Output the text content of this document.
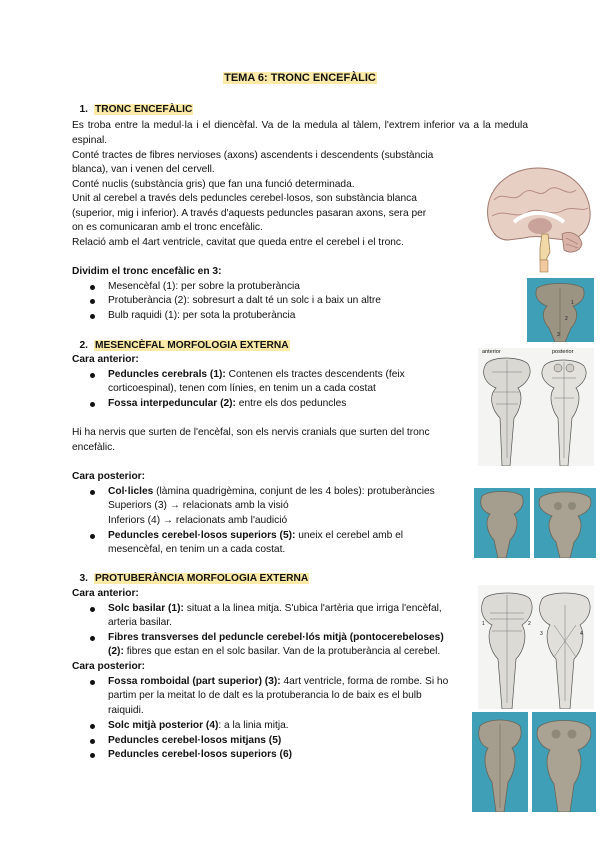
TEMA 6: TRONC ENCEFÀLIC
1. TRONC ENCEFÀLIC
Es troba entre la medul·la i el diencèfal. Va de la medula al tàlem, l'extrem inferior va a la medula espinal.
Conté tractes de fibres nervioses (axons) ascendents i descendents (substància
blanca), van i venen del cervell.
Conté nuclis (substància gris) que fan una funció determinada.
Unit al cerebel a través dels peduncles cerebel·losos, son substància blanca
(superior, mig i inferior). A través d'aquests peduncles pasaran axons, sera per
on es comunicaran amb el tronc encefàlic.
Relació amb el 4art ventricle, cavitat que queda entre el cerebel i el tronc.
Dividim el tronc encefàlic en 3:
Mesencèfal (1): per sobre la protuberància
Protuberància (2): sobresurt a dalt té un solc i a baix un altre
Bulb raquidi (1): per sota la protuberància
2. MESENCÈFAL MORFOLOGIA EXTERNA
Cara anterior:
Peduncles cerebrals (1): Contenen els tractes descendents (feix
corticoespinal), tenen com línies, en tenim un a cada costat
Fossa interpeduncular (2): entre els dos peduncles
Hi ha nervis que surten de l'encèfal, son els nervis cranials que surten del tronc
encefàlic.
Cara posterior:
Col·licles (làmina quadrigèmina, conjunt de les 4 boles): protuberàncies
Superiors (3) → relacionats amb la visió
Inferiors (4) → relacionats amb l'audició
Peduncles cerebel·losos superiors (5): uneix el cerebel amb el
mesencèfal, en tenim un a cada costat.
3. PROTUBERÀNCIA MORFOLOGIA EXTERNA
Cara anterior:
Solc basilar (1): situat a la linea mitja. S'ubica l'artèria que irriga l'encèfal,
arteria basilar.
Fibres transverses del peduncle cerebel·lós mitjà (pontocerebeloses)
(2): fibres que estan en el solc basilar. Van de la protuberància al cerebel.
Cara posterior:
Fossa romboidal (part superior) (3): 4art ventricle, forma de rombe. Si ho
partim per la meitat lo de dalt es la protuberancia lo de baix es el bulb
raiquidi.
Solc mitjà posterior (4): a la linia mitja.
Peduncles cerebel·losos mitjans (5)
Peduncles cerebel·losos superiors (6)
1
2
3
anterior	posterior
1	2
3	4
